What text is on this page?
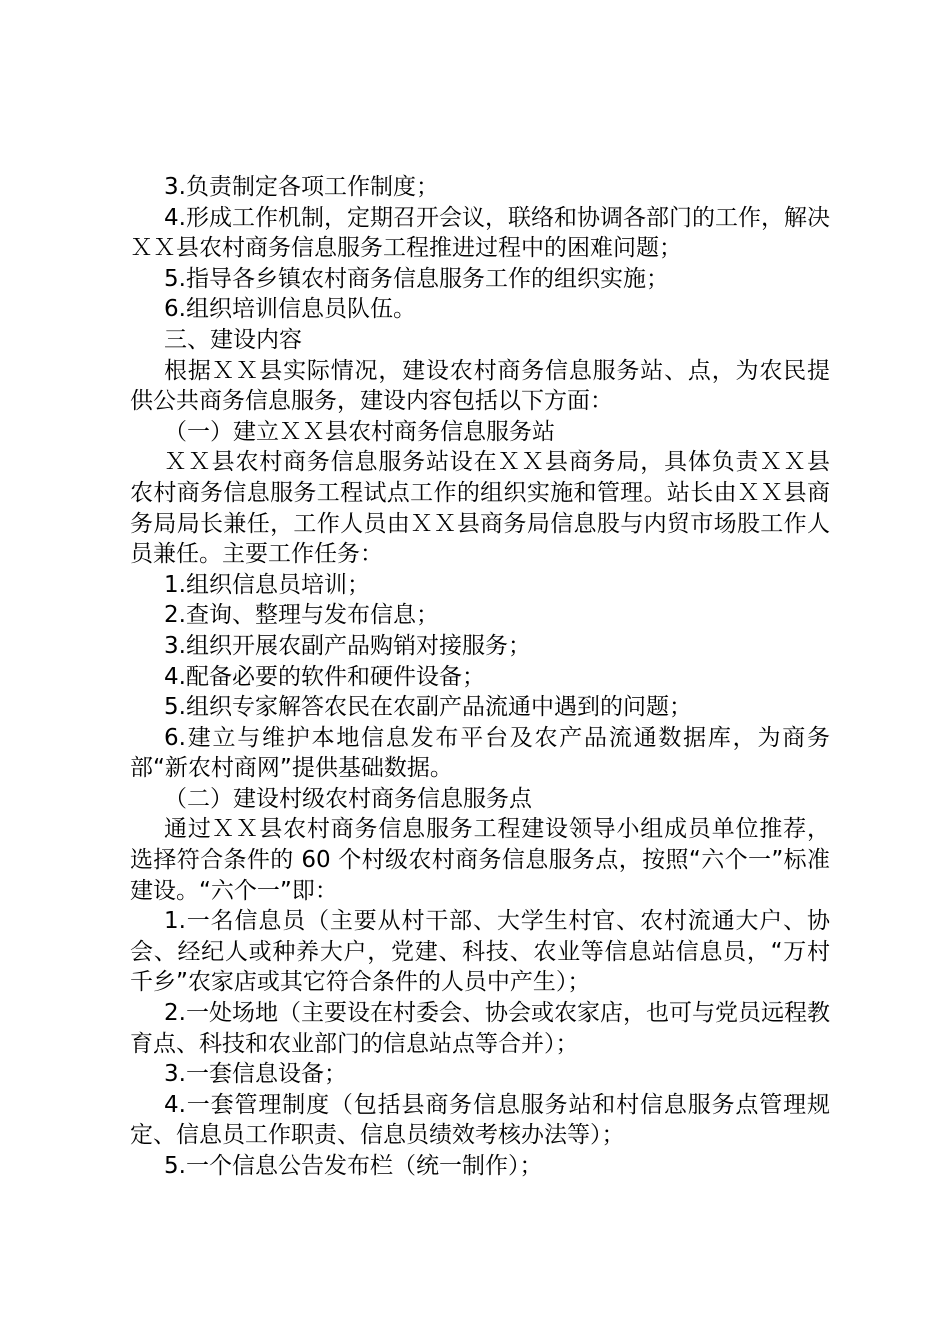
3.负责制定各项工作制度；

4.形成工作机制，定期召开会议，联络和协调各部门的工作，解决ＸＸ县农村商务信息服务工程推进过程中的困难问题；

5.指导各乡镇农村商务信息服务工作的组织实施；

6.组织培训信息员队伍。

三、建设内容

根据ＸＸ县实际情况，建设农村商务信息服务站、点，为农民提供公共商务信息服务，建设内容包括以下方面：

（一）建立ＸＸ县农村商务信息服务站

ＸＸ县农村商务信息服务站设在ＸＸ县商务局，具体负责ＸＸ县农村商务信息服务工程试点工作的组织实施和管理。站长由ＸＸ县商务局局长兼任，工作人员由ＸＸ县商务局信息股与内贸市场股工作人员兼任。主要工作任务：

1.组织信息员培训；

2.查询、整理与发布信息；

3.组织开展农副产品购销对接服务；

4.配备必要的软件和硬件设备；

5.组织专家解答农民在农副产品流通中遇到的问题；

6.建立与维护本地信息发布平台及农产品流通数据库，为商务部“新农村商网”提供基础数据。

（二）建设村级农村商务信息服务点

通过ＸＸ县农村商务信息服务工程建设领导小组成员单位推荐，选择符合条件的 60 个村级农村商务信息服务点，按照“六个一”标准建设。“六个一”即：

1.一名信息员（主要从村干部、大学生村官、农村流通大户、协会、经纪人或种养大户，党建、科技、农业等信息站信息员，“万村千乡”农家店或其它符合条件的人员中产生）；

2.一处场地（主要设在村委会、协会或农家店，也可与党员远程教育点、科技和农业部门的信息站点等合并）；

3.一套信息设备；

4.一套管理制度（包括县商务信息服务站和村信息服务点管理规定、信息员工作职责、信息员绩效考核办法等）；

5.一个信息公告发布栏（统一制作）；
